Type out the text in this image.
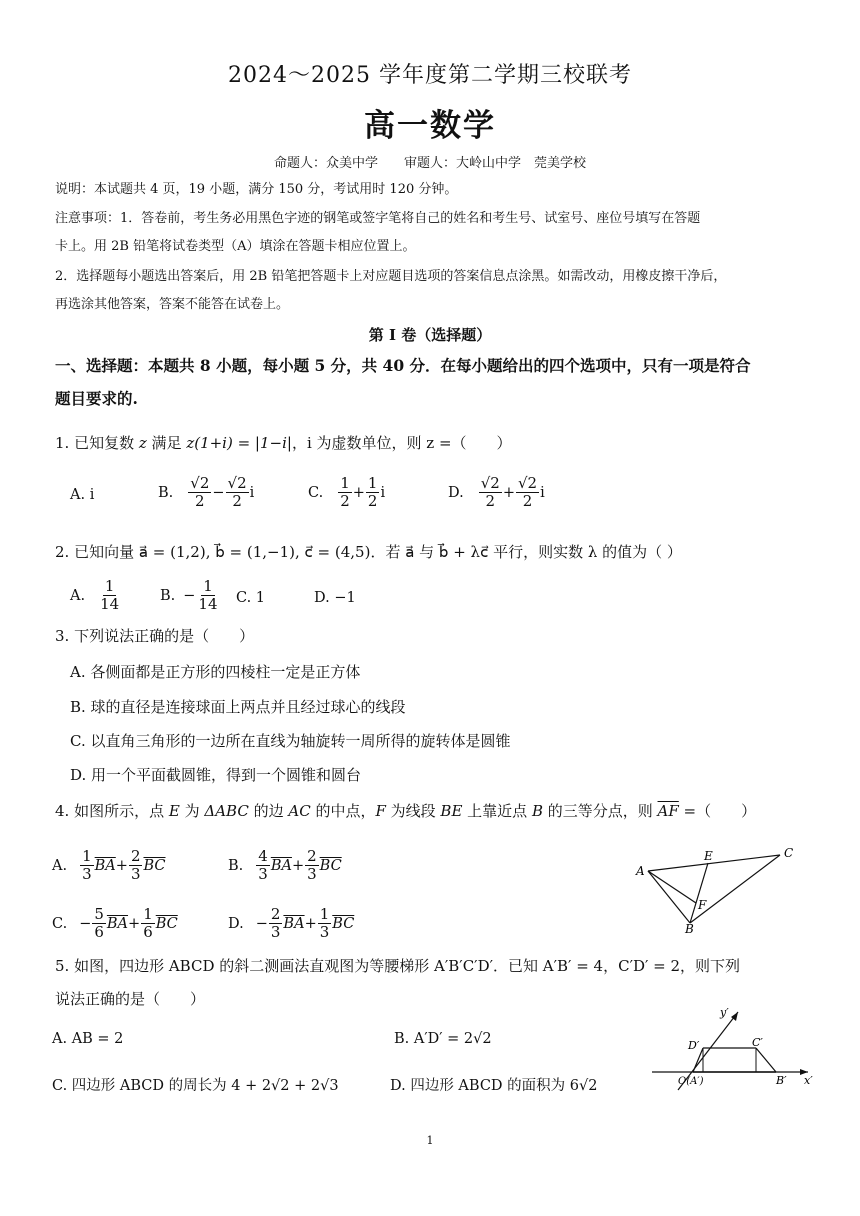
2024～2025 学年度第二学期三校联考
高一数学
命题人：众美中学　　审题人：大岭山中学　莞美学校
说明：本试题共 4 页，19 小题，满分 150 分，考试用时 120 分钟。
注意事项：1．答卷前，考生务必用黑色字迹的钢笔或签字笔将自己的姓名和考生号、试室号、座位号填写在答题
卡上。用 2B 铅笔将试卷类型（A）填涂在答题卡相应位置上。
2．选择题每小题选出答案后，用 2B 铅笔把答题卡上对应题目选项的答案信息点涂黑。如需改动，用橡皮擦干净后，
再选涂其他答案，答案不能答在试卷上。
第 I 卷（选择题）
一、选择题：本题共 8 小题，每小题 5 分，共 40 分．在每小题给出的四个选项中，只有一项是符合
题目要求的.
1. 已知复数 z 满足 z(1+i) = |1−i|，i 为虚数单位，则 z =（　　）
A. i	B. $\frac{√2}{2} - \frac{√2}{2}$ i	C. $\frac{1}{2} + \frac{1}{2}$ i	D. $\frac{√2}{2} + \frac{√2}{2}$ i
2. 已知向量 a⃗ = (1,2), b⃗ = (1,−1), c⃗ = (4,5)．若 a⃗ 与 b⃗ + λc⃗ 平行，则实数 λ 的值为（ ）
A. $\frac{1}{14}$	B. − $\frac{1}{14} C$. 1	D. −1
3. 下列说法正确的是（　　）
A. 各侧面都是正方形的四棱柱一定是正方体
B. 球的直径是连接球面上两点并且经过球心的线段
C. 以直角三角形的一边所在直线为轴旋转一周所得的旋转体是圆锥
D. 用一个平面截圆锥，得到一个圆锥和圆台
4. 如图所示，点 E 为 ΔABC 的边 AC 的中点，F 为线段 BE 上靠近点 B 的三等分点，则 $\overline{AF}$ =（　　）
A. $\frac{1}{3} \overline{BA} + \frac{2}{3} \overline{BC}$	B. $\frac{4}{3} \overline{BA} + \frac{2}{3} \overline{BC}$
C. − $\frac{5}{6} \overline{BA} + \frac{1}{6} \overline{BC}$	D. − $\frac{2}{3} \overline{BA} + \frac{1}{3} \overline{BC}$
A
B
C
E
F
5. 如图，四边形 ABCD 的斜二测画法直观图为等腰梯形 A′B′C′D′．已知 A′B′ = 4，C′D′ = 2，则下列
说法正确的是（　　）
A. AB = 2	B. A′D′ = 2√2
C. 四边形 ABCD 的周长为 4 + 2√2 + 2√3	D. 四边形 ABCD 的面积为 6√2
y′
D′	C′
O(A′)	B′ x′
1
